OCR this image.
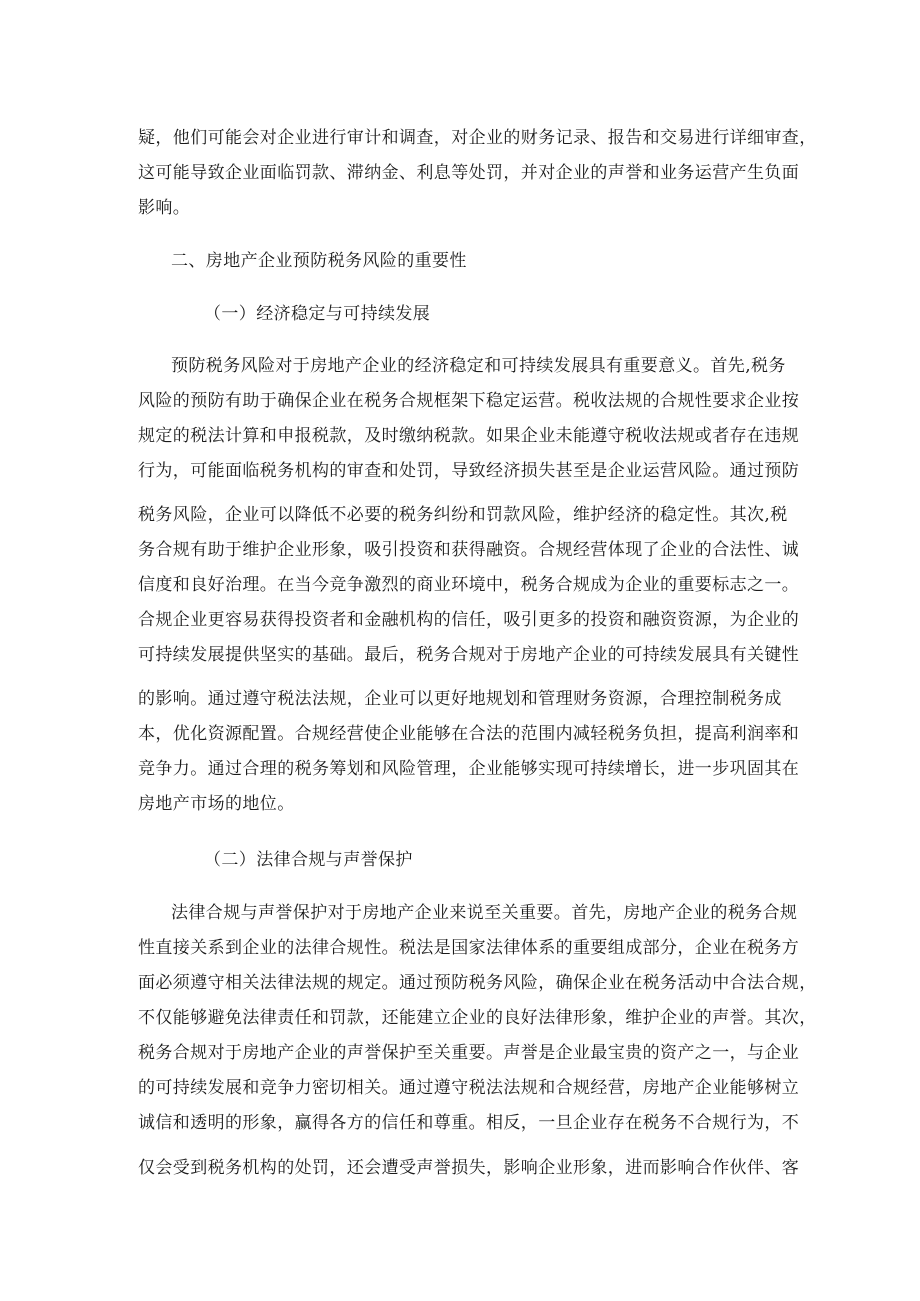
疑，他们可能会对企业进行审计和调查，对企业的财务记录、报告和交易进行详细审查，
这可能导致企业面临罚款、滞纳金、利息等处罚，并对企业的声誉和业务运营产生负面
影响。
二、房地产企业预防税务风险的重要性
（一）经济稳定与可持续发展
预防税务风险对于房地产企业的经济稳定和可持续发展具有重要意义。首先,税务
风险的预防有助于确保企业在税务合规框架下稳定运营。税收法规的合规性要求企业按
规定的税法计算和申报税款，及时缴纳税款。如果企业未能遵守税收法规或者存在违规
行为，可能面临税务机构的审查和处罚，导致经济损失甚至是企业运营风险。通过预防
税务风险，企业可以降低不必要的税务纠纷和罚款风险，维护经济的稳定性。其次,税
务合规有助于维护企业形象，吸引投资和获得融资。合规经营体现了企业的合法性、诚
信度和良好治理。在当今竞争激烈的商业环境中，税务合规成为企业的重要标志之一。
合规企业更容易获得投资者和金融机构的信任，吸引更多的投资和融资资源，为企业的
可持续发展提供坚实的基础。最后，税务合规对于房地产企业的可持续发展具有关键性
的影响。通过遵守税法法规，企业可以更好地规划和管理财务资源，合理控制税务成
本，优化资源配置。合规经营使企业能够在合法的范围内减轻税务负担，提高利润率和
竞争力。通过合理的税务筹划和风险管理，企业能够实现可持续增长，进一步巩固其在
房地产市场的地位。
（二）法律合规与声誉保护
法律合规与声誉保护对于房地产企业来说至关重要。首先，房地产企业的税务合规
性直接关系到企业的法律合规性。税法是国家法律体系的重要组成部分，企业在税务方
面必须遵守相关法律法规的规定。通过预防税务风险，确保企业在税务活动中合法合规，
不仅能够避免法律责任和罚款，还能建立企业的良好法律形象，维护企业的声誉。其次，
税务合规对于房地产企业的声誉保护至关重要。声誉是企业最宝贵的资产之一，与企业
的可持续发展和竞争力密切相关。通过遵守税法法规和合规经营，房地产企业能够树立
诚信和透明的形象，赢得各方的信任和尊重。相反，一旦企业存在税务不合规行为，不
仅会受到税务机构的处罚，还会遭受声誉损失，影响企业形象，进而影响合作伙伴、客
